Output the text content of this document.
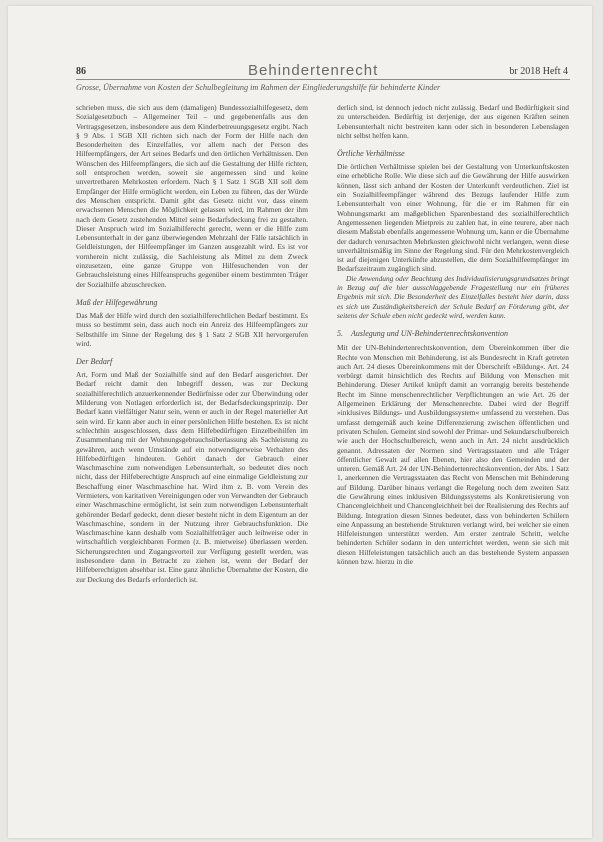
86	Behindertenrecht	br 2018 Heft 4
Grosse, Übernahme von Kosten der Schulbegleitung im Rahmen der Eingliederungshilfe für behinderte Kinder

schrieben muss, die sich aus dem (damaligen) Bundessozialhilfegesetz, dem Sozialgesetzbuch – Allgemeiner Teil – und gegebenenfalls aus den Vertragsgesetzen, insbesondere aus dem Kinderbetreuungsgesetz ergibt. Nach § 9 Abs. 1 SGB XII richten sich nach der Form der Hilfe nach den Besonderheiten des Einzelfalles, vor allem nach der Person des Hilfeempfängers, der Art seines Bedarfs und den örtlichen Verhältnissen. Den Wünschen des Hilfeempfängers, die sich auf die Gestaltung der Hilfe richten, soll entsprochen werden, soweit sie angemessen sind und keine unvertretbaren Mehrkosten erfordern. Nach § 1 Satz 1 SGB XII soll dem Empfänger der Hilfe ermöglicht werden, ein Leben zu führen, das der Würde des Menschen entspricht. Damit gibt das Gesetz nicht vor, dass einem erwachsenen Menschen die Möglichkeit gelassen wird, im Rahmen der ihm nach dem Gesetz zustehenden Mittel seine Bedarfsdeckung frei zu gestalten. Dieser Anspruch wird im Sozialhilferecht gerecht, wenn er die Hilfe zum Lebensunterhalt in der ganz überwiegenden Mehrzahl der Fälle tatsächlich in Geldleistungen, der Hilfeempfänger im Ganzen ausgezahlt wird. Es ist vor vornherein nicht zulässig, die Sachleistung als Mittel zu dem Zweck einzusetzen, eine ganze Gruppe von Hilfesuchenden von der Gebrauchsleistung eines Hilfeanspruchs gegenüber einem bestimmten Träger der Sozialhilfe abzuschrecken.

Maß der Hilfegewährung

Das Maß der Hilfe wird durch den sozialhilferechtlichen Bedarf bestimmt. Es muss so bestimmt sein, dass auch noch ein Anreiz des Hilfeempfängers zur Selbsthilfe im Sinne der Regelung des § 1 Satz 2 SGB XII hervorgerufen wird.

Der Bedarf

Art, Form und Maß der Sozialhilfe sind auf den Bedarf ausgerichtet. Der Bedarf reicht damit den Inbegriff dessen, was zur Deckung sozialhilferechtlich anzuerkennender Bedürfnisse oder zur Überwindung oder Milderung von Notlagen erforderlich ist, der Bedarfsdeckungsprinzip. Der Bedarf kann vielfältiger Natur sein, wenn er auch in der Regel materieller Art sein wird. Er kann aber auch in einer persönlichen Hilfe bestehen. Es ist nicht schlechthin ausgeschlossen, dass dem Hilfebedürftigen Einzelbeihilfen im Zusammenhang mit der Wohnungsgebrauchsüberlassung als Sachleistung zu gewähren, auch wenn Umstände auf ein notwendigerweise Verhalten des Hilfebedürftigen hindeuten. Gehört danach der Gebrauch einer Waschmaschine zum notwendigen Lebensunterhalt, so bedeutet dies noch nicht, dass der Hilfeberechtigte Anspruch auf eine einmalige Geldleistung zur Beschaffung einer Waschmaschine hat. Wird ihm z. B. vom Verein des Vermieters, von karitativen Vereinigungen oder von Verwandten der Gebrauch einer Waschmaschine ermöglicht, ist sein zum notwendigen Lebensunterhalt gehörender Bedarf gedeckt, denn dieser besteht nicht in dem Eigentum an der Waschmaschine, sondern in der Nutzung ihrer Gebrauchsfunktion. Die Waschmaschine kann deshalb vom Sozialhilfeträger auch leihweise oder in wirtschaftlich vergleichbaren Formen (z. B. mietweise) überlassen werden. Sicherungsrechten und Zugangsvorteil zur Verfügung gestellt werden, was insbesondere dann in Betracht zu ziehen ist, wenn der Bedarf der Hilfeberechtigten absehbar ist. Eine ganz ähnliche Übernahme der Kosten, die zur Deckung des Bedarfs erforderlich ist.

derlich sind, ist dennoch jedoch nicht zulässig. Bedarf und Bedürftigkeit sind zu unterscheiden. Bedürftig ist derjenige, der aus eigenen Kräften seinen Lebensunterhalt nicht bestreiten kann oder sich in besonderen Lebenslagen nicht selbst helfen kann.

Örtliche Verhältnisse

Die örtlichen Verhältnisse spielen bei der Gestaltung von Unterkunftskosten eine erhebliche Rolle. Wie diese sich auf die Gewährung der Hilfe auswirken können, lässt sich anhand der Kosten der Unterkunft verdeutlichen. Ziel ist ein Sozialhilfeempfänger während des Bezugs laufender Hilfe zum Lebensunterhalt von einer Wohnung, für die er im Rahmen für ein Wohnungsmarkt am maßgeblichen Sparenbestand des sozialhilferechtlich Angemessenen liegenden Mietpreis zu zahlen hat, in eine teurere, aber nach diesem Maßstab ebenfalls angemessene Wohnung um, kann er die Übernahme der dadurch verursachten Mehrkosten gleichwohl nicht verlangen, wenn diese unverhältnismäßig im Sinne der Regelung sind. Für den Mehrkostenvergleich ist auf diejenigen Unterkünfte abzustellen, die dem Sozialhilfeempfänger im Bedarfszeitraum zugänglich sind.

Die Anwendung oder Beachtung des Individualisierungsgrundsatzes bringt in Bezug auf die hier ausschlaggebende Fragestellung nur ein früheres Ergebnis mit sich. Die Besonderheit des Einzelfalles besteht hier darin, dass es sich um Zuständigkeitsbereich der Schule Bedarf an Förderung gibt, der seitens der Schule eben nicht gedeckt wird, werden kann.

5. Auslegung und UN-Behindertenrechtskonvention

Mit der UN-Behindertenrechtskonvention, dem Übereinkommen über die Rechte von Menschen mit Behinderung, ist als Bundesrecht in Kraft getreten auch Art. 24 dieses Übereinkommens mit der Überschrift »Bildung«. Art. 24 verbürgt damit hinsichtlich des Rechts auf Bildung von Menschen mit Behinderung. Dieser Artikel knüpft damit an vorrangig bereits bestehende Recht im Sinne menschenrechtlicher Verpflichtungen an wie Art. 26 der Allgemeinen Erklärung der Menschenrechte. Dabei wird der Begriff »inklusives Bildungs- und Ausbildungssystem« umfassend zu verstehen. Das umfasst demgemäß auch keine Differenzierung zwischen öffentlichen und privaten Schulen. Gemeint sind sowohl der Primar- und Sekundarschulbereich wie auch der Hochschulbereich, wenn auch in Art. 24 nicht ausdrücklich genannt. Adressaten der Normen sind Vertragsstaaten und alle Träger öffentlicher Gewalt auf allen Ebenen, hier also den Gemeinden und der unteren. Gemäß Art. 24 der UN-Behindertenrechtskonvention, der Abs. 1 Satz 1, anerkennen die Vertragsstaaten das Recht von Menschen mit Behinderung auf Bildung. Darüber hinaus verlangt die Regelung noch dem zweiten Satz die Gewährung eines inklusiven Bildungssystems als Konkretisierung von Chancengleichheit und Chancengleichheit bei der Realisierung des Rechts auf Bildung. Integration diesen Sinnes bedeutet, dass von behinderten Schülern eine Anpassung an bestehende Strukturen verlangt wird, bei welcher sie einen Hilfeleistungen unterstützt werden. Am erster zentrale Schritt, welche behinderten Schüler sodann in den unterrichtet werden, wenn sie sich mit diesen Hilfeleistungen tatsächlich auch an das bestehende System anpassen können bzw. hierzu in die
